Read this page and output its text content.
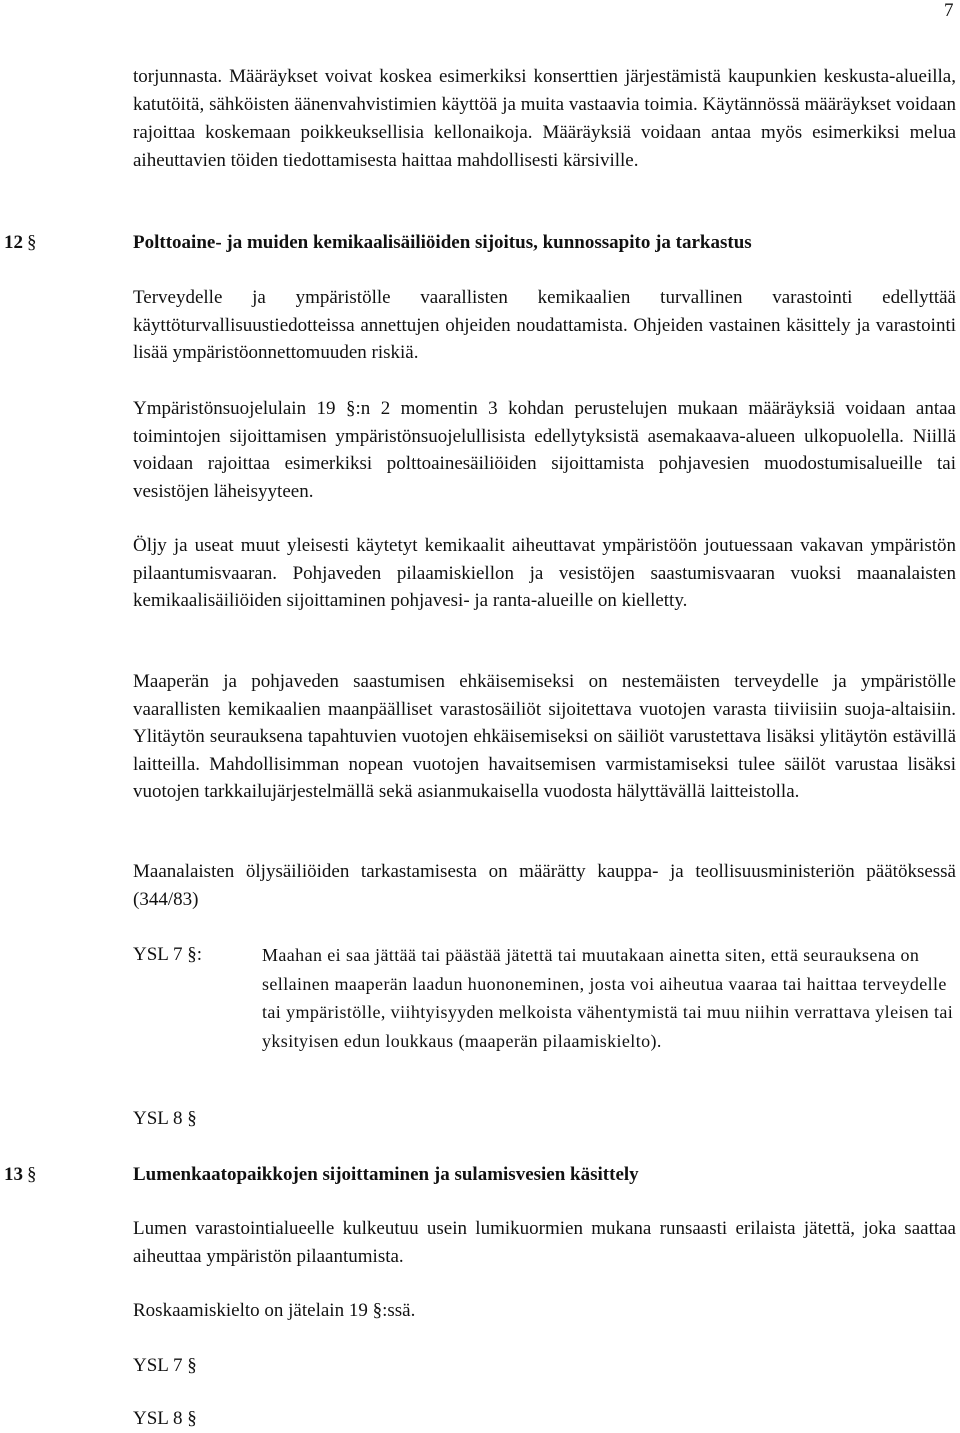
7

torjunnasta. Määräykset voivat koskea esimerkiksi konserttien järjestämistä kaupunkien keskusta-alueilla, katutöitä, sähköisten äänenvahvistimien käyttöä ja muita vastaavia toimia. Käytännössä määräykset voidaan rajoittaa koskemaan poikkeuksellisia kellonaikoja. Määräyksiä voidaan antaa myös esimerkiksi melua aiheuttavien töiden tiedottamisesta haittaa mahdollisesti kärsiville.

12 §	Polttoaine- ja muiden kemikaalisäiliöiden sijoitus, kunnossapito ja tarkastus

Terveydelle ja ympäristölle vaarallisten kemikaalien turvallinen varastointi edellyttää käyttöturvallisuustiedotteissa annettujen ohjeiden noudattamista. Ohjeiden vastainen käsittely ja varastointi lisää ympäristöonnettomuuden riskiä.

Ympäristönsuojelulain 19 §:n 2 momentin 3 kohdan perustelujen mukaan määräyksiä voidaan antaa toimintojen sijoittamisen ympäristönsuojelullisista edellytyksistä asemakaava-alueen ulkopuolella. Niillä voidaan rajoittaa esimerkiksi polttoainesäiliöiden sijoittamista pohjavesien muodostumisalueille tai vesistöjen läheisyyteen.

Öljy ja useat muut yleisesti käytetyt kemikaalit aiheuttavat ympäristöön joutuessaan vakavan ympäristön pilaantumisvaaran. Pohjaveden pilaamiskiellon ja vesistöjen saastumisvaaran vuoksi maanalaisten kemikaalisäiliöiden sijoittaminen pohjavesi- ja ranta-alueille on kielletty.

Maaperän ja pohjaveden saastumisen ehkäisemiseksi on nestemäisten terveydelle ja ympäristölle vaarallisten kemikaalien maanpäälliset varastosäiliöt sijoitettava vuotojen varasta tiiviisiin suoja-altaisiin. Ylitäytön seurauksena tapahtuvien vuotojen ehkäisemiseksi on säiliöt varustettava lisäksi ylitäytön estävillä laitteilla. Mahdollisimman nopean vuotojen havaitsemisen varmistamiseksi tulee säilöt varustaa lisäksi vuotojen tarkkailujärjestelmällä sekä asianmukaisella vuodosta hälyttävällä laitteistolla.

Maanalaisten öljysäiliöiden tarkastamisesta on määrätty kauppa- ja teollisuusministeriön päätöksessä (344/83)

YSL 7 §:	Maahan ei saa jättää tai päästää jätettä tai muutakaan ainetta siten, että seurauksena on sellainen maaperän laadun huononeminen, josta voi aiheutua vaaraa tai haittaa terveydelle tai ympäristölle, viihtyisyyden melkoista vähentymistä tai muu niihin verrattava yleisen tai yksityisen edun loukkaus (maaperän pilaamiskielto).

YSL 8 §
13 §	Lumenkaatopaikkojen sijoittaminen ja sulamisvesien käsittely

Lumen varastointialueelle kulkeutuu usein lumikuormien mukana runsaasti erilaista jätettä, joka saattaa aiheuttaa ympäristön pilaantumista.

Roskaamiskielto on jätelain 19 §:ssä.

YSL 7 §
YSL 8 §
